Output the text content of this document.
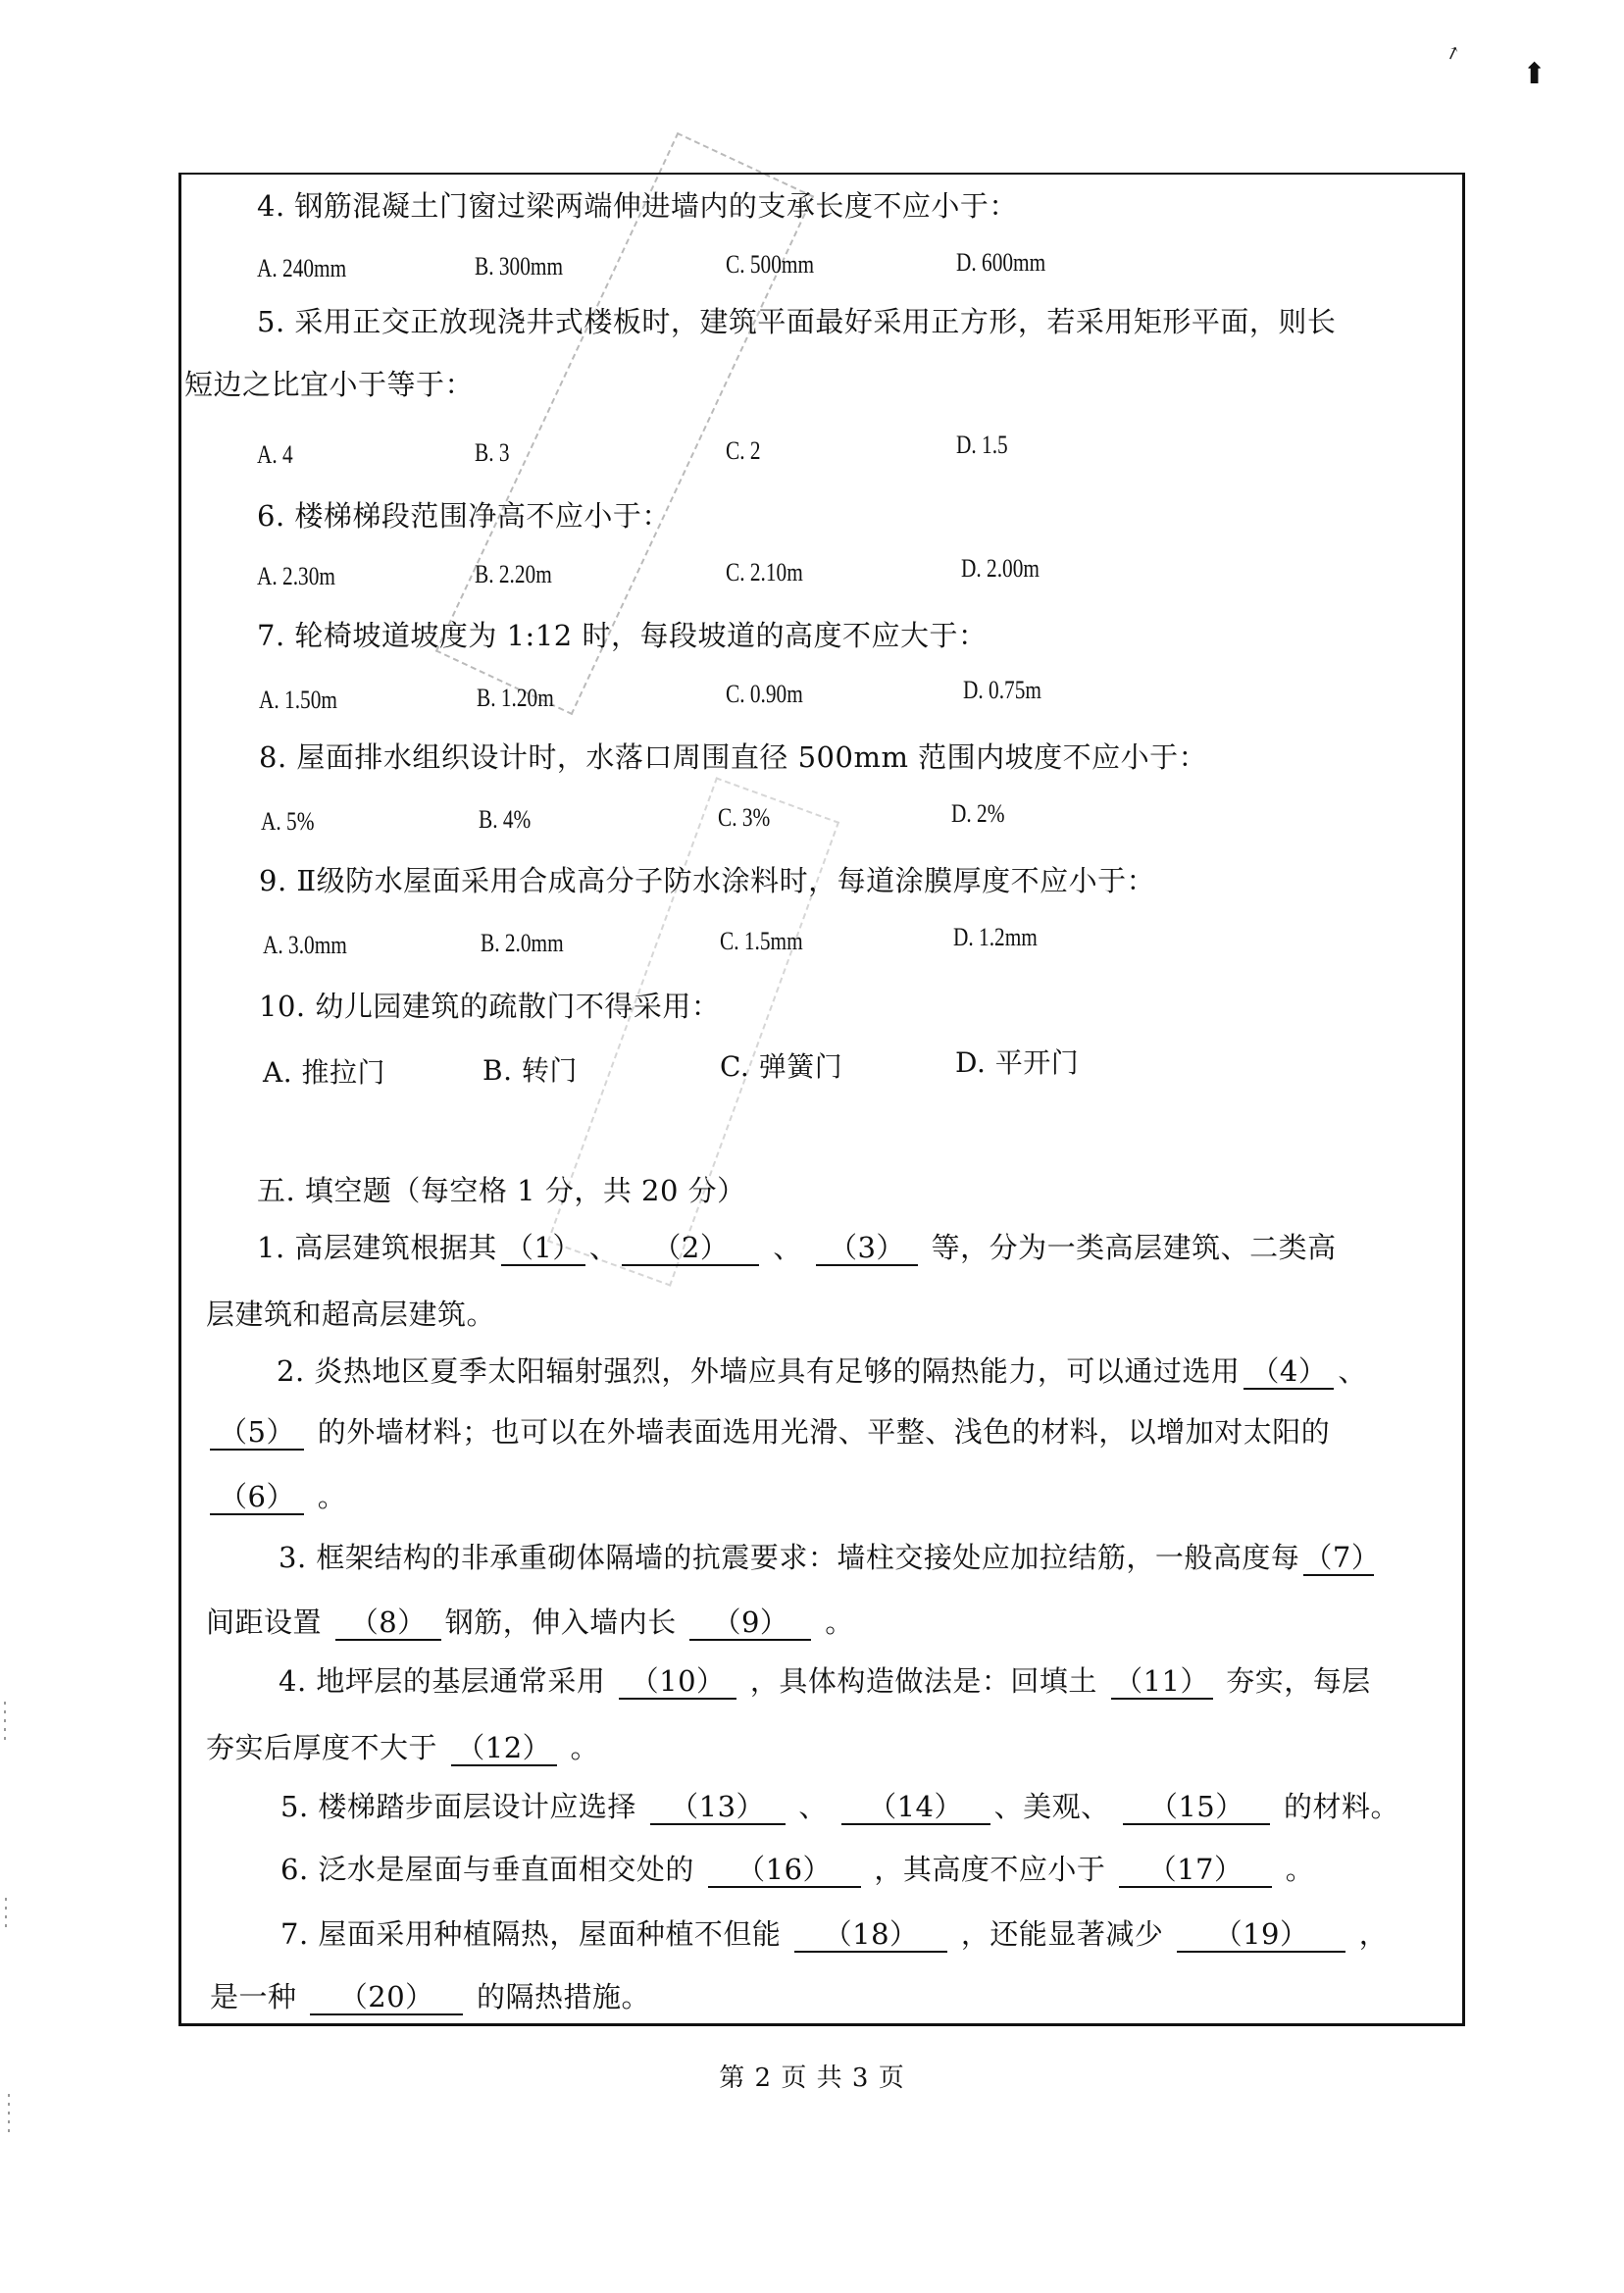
↗
⬆
4. 钢筋混凝土门窗过梁两端伸进墙内的支承长度不应小于：
A. 240mm	B. 300mm	C. 500mm	D. 600mm
5. 采用正交正放现浇井式楼板时，建筑平面最好采用正方形，若采用矩形平面，则长
短边之比宜小于等于：
A. 4	B. 3	C. 2	D. 1.5
6. 楼梯梯段范围净高不应小于：
A. 2.30m	B. 2.20m	C. 2.10m	D. 2.00m
7. 轮椅坡道坡度为 1:12 时，每段坡道的高度不应大于：
A. 1.50m	B. 1.20m	C. 0.90m	D. 0.75m
8. 屋面排水组织设计时，水落口周围直径 500mm 范围内坡度不应小于：
A. 5%	B. 4%	C. 3%	D. 2%
9. Ⅱ级防水屋面采用合成高分子防水涂料时，每道涂膜厚度不应小于：
A. 3.0mm	B. 2.0mm	C. 1.5mm	D. 1.2mm
10. 幼儿园建筑的疏散门不得采用：
A. 推拉门	B. 转门	C. 弹簧门	D. 平开门
五. 填空题（每空格 1 分，共 20 分）
1. 高层建筑根据其 （1） 、 （2） 、 （3） 等，分为一类高层建筑、二类高
层建筑和超高层建筑。
2. 炎热地区夏季太阳辐射强烈，外墙应具有足够的隔热能力，可以通过选用 （4） 、
（5） 的外墙材料；也可以在外墙表面选用光滑、平整、浅色的材料，以增加对太阳的
（6） 。
3. 框架结构的非承重砌体隔墙的抗震要求：墙柱交接处应加拉结筋，一般高度每 （7）
间距设置 （8） 钢筋，伸入墙内长 （9） 。
4. 地坪层的基层通常采用 （10） ，具体构造做法是：回填土 （11） 夯实，每层
夯实后厚度不大于 （12） 。
5. 楼梯踏步面层设计应选择 （13） 、 （14） 、美观、 （15） 的材料。
6. 泛水是屋面与垂直面相交处的 （16） ，其高度不应小于 （17） 。
7. 屋面采用种植隔热，屋面种植不但能 （18） ，还能显著减少 （19） ，
是一种 （20） 的隔热措施。
第 2 页 共 3 页
